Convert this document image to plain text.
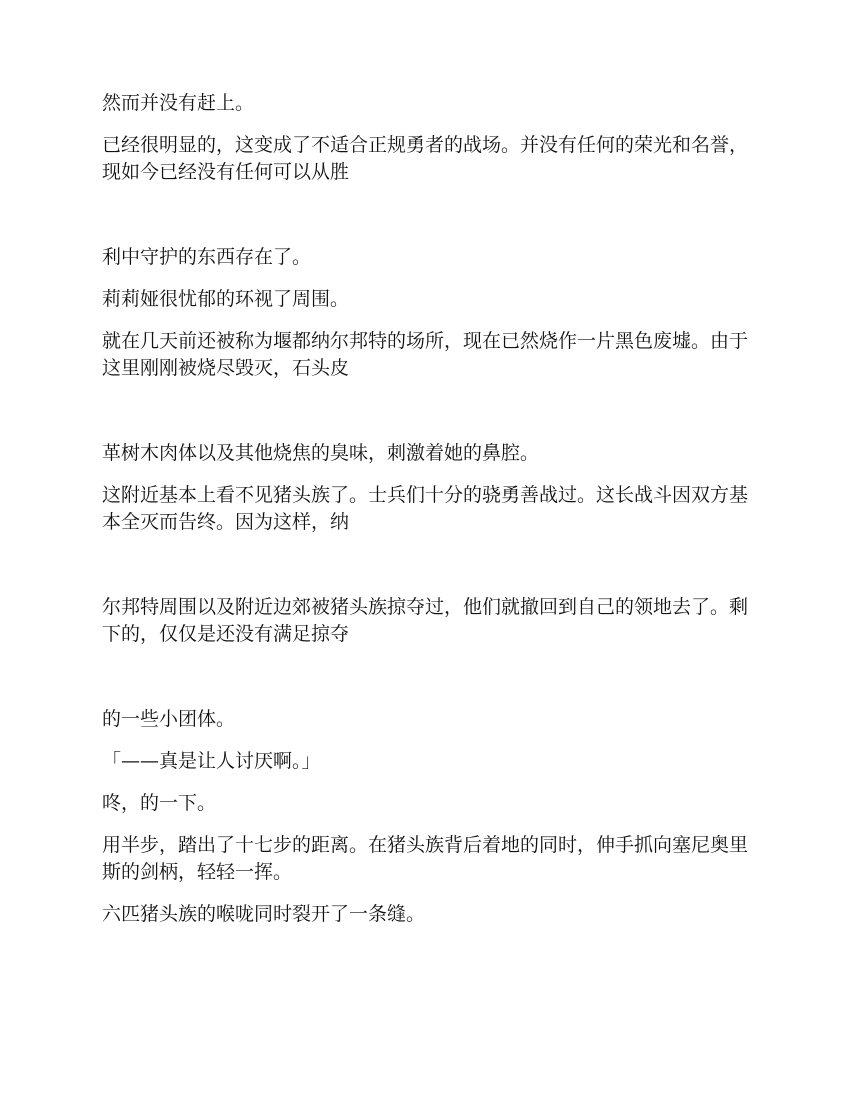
然而并没有赶上。

已经很明显的，这变成了不适合正规勇者的战场。并没有任何的荣光和名誉，现如今已经没有任何可以从胜

利中守护的东西存在了。

莉莉娅很忧郁的环视了周围。

就在几天前还被称为堰都纳尔邦特的场所，现在已然烧作一片黑色废墟。由于这里刚刚被烧尽毁灭，石头皮

革树木肉体以及其他烧焦的臭味，刺激着她的鼻腔。

这附近基本上看不见猪头族了。士兵们十分的骁勇善战过。这长战斗因双方基本全灭而告终。因为这样，纳

尔邦特周围以及附近边郊被猪头族掠夺过，他们就撤回到自己的领地去了。剩下的，仅仅是还没有满足掠夺

的一些小团体。

「——真是让人讨厌啊。」

咚，的一下。

用半步，踏出了十七步的距离。在猪头族背后着地的同时，伸手抓向塞尼奥里斯的剑柄，轻轻一挥。

六匹猪头族的喉咙同时裂开了一条缝。
